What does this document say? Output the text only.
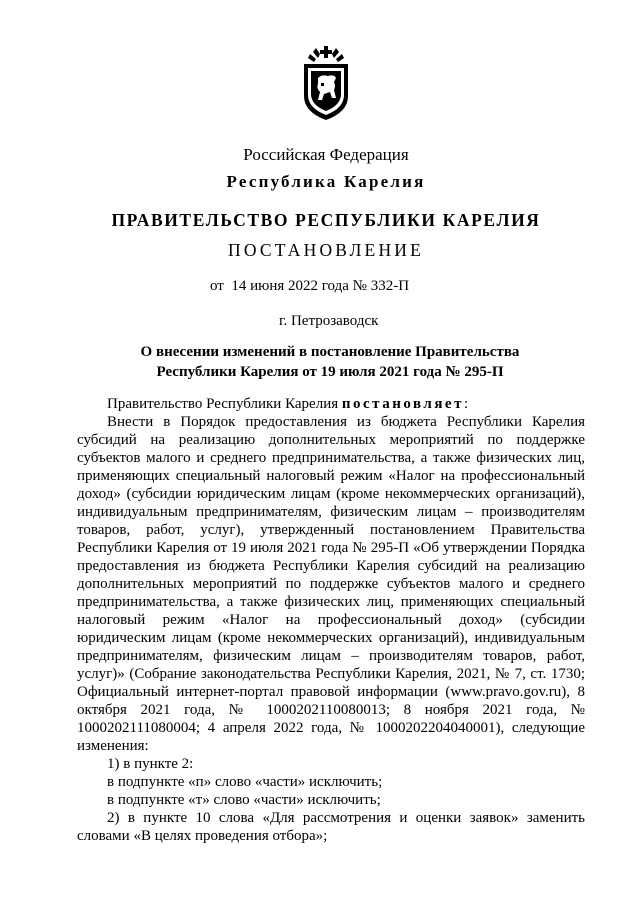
Российская Федерация
Республика Карелия
ПРАВИТЕЛЬСТВО РЕСПУБЛИКИ КАРЕЛИЯ
ПОСТАНОВЛЕНИЕ
от  14 июня 2022 года № 332-П
г. Петрозаводск
О внесении изменений в постановление Правительства
Республики Карелия от 19 июля 2021 года № 295-П

Правительство Республики Карелия постановляет:

Внести в Порядок предоставления из бюджета Республики Карелия субсидий на реализацию дополнительных мероприятий по поддержке субъектов малого и среднего предпринимательства, а также физических лиц, применяющих специальный налоговый режим «Налог на профессиональный доход» (субсидии юридическим лицам (кроме некоммерческих организаций), индивидуальным предпринимателям, физическим лицам – производителям товаров, работ, услуг), утвержденный постановлением Правительства Республики Карелия от 19 июля 2021 года № 295-П «Об утверждении Порядка предоставления из бюджета Республики Карелия субсидий на реализацию дополнительных мероприятий по поддержке субъектов малого и среднего предпринимательства, а также физических лиц, применяющих специальный налоговый режим «Налог на профессиональный доход» (субсидии юридическим лицам (кроме некоммерческих организаций), индивидуальным предпринимателям, физическим лицам – производителям товаров, работ, услуг)» (Собрание законодательства Республики Карелия, 2021, № 7, ст. 1730; Официальный интернет-портал правовой информации (www.pravo.gov.ru), 8 октября 2021 года, № 1000202110080013; 8 ноября 2021 года, № 1000202111080004; 4 апреля 2022 года, № 1000202204040001), следующие изменения:

1) в пункте 2:

в подпункте «п» слово «части» исключить;

в подпункте «т» слово «части» исключить;

2) в пункте 10 слова «Для рассмотрения и оценки заявок» заменить словами «В целях проведения отбора»;
